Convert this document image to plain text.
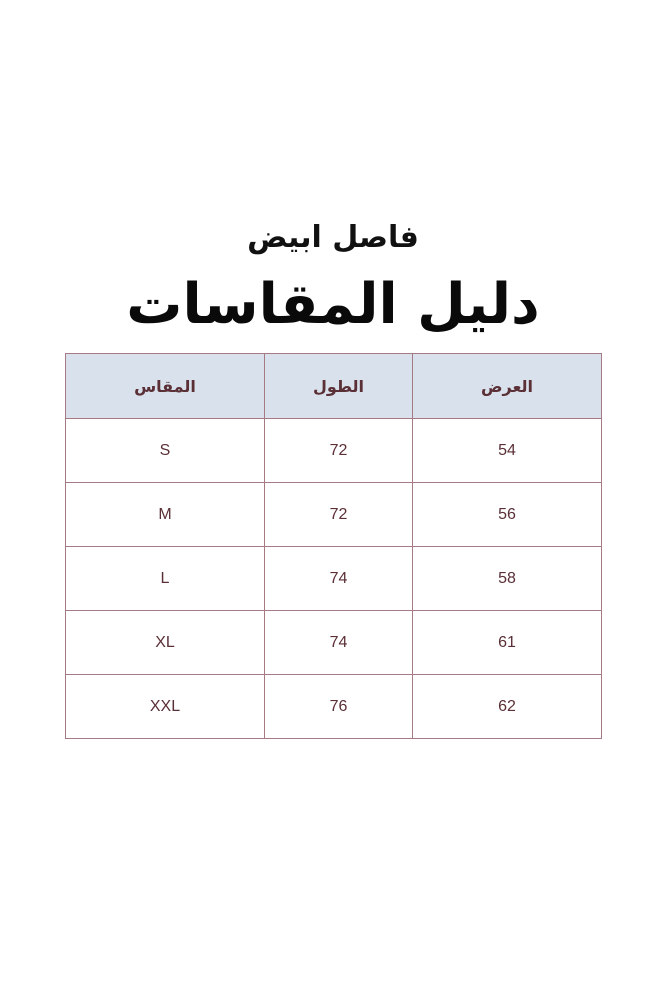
فاصل ابيض
دليل المقاسات
العرض	الطول	المقاس
54	72	S
56	72	M
58	74	L
61	74	XL
62	76	XXL
